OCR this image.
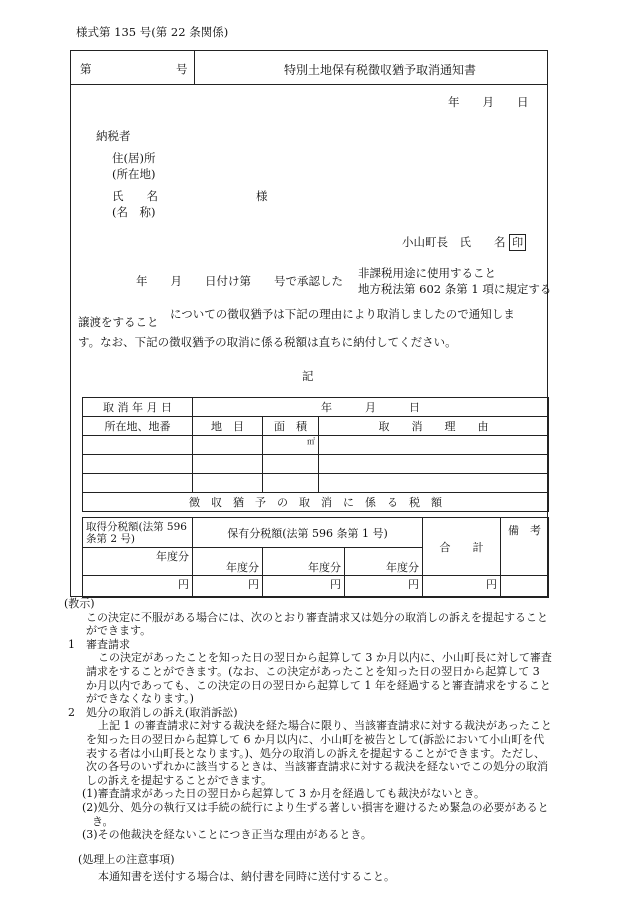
様式第 135 号(第 22 条関係)
第	号	特別土地保有税徴収猶予取消通知書
年　　月　　日
納税者
住(居)所
(所在地)
氏　　名	様
(名　称)
小山町長　氏　　名 印
年　　月　　日付け第　　号で承認した
非課税用途に使用すること
地方税法第 602 条第 1 項に規定する
譲渡をすること
についての徴収猶予は下記の理由により取消しましたので通知しま
す。なお、下記の徴収猶予の取消に係る税額は直ちに納付してください。
記
取 消 年 月 日	年　　　月　　　日		
所在地、地番	地　目	面　積	取　　消　　理　　由
		㎡	

徴　収　猶　予　の　取　消　に　係　る　税　額			
取得分税額(法第 596 条第 2 号)	保有分税額(法第 596 条第 1 号)			合　　計	備　考
年度分	年度分	年度分	年度分		
円	円	円	円	円	

(教示)

この決定に不服がある場合には、次のとおり審査請求又は処分の取消しの訴えを提起することができます。

1　審査請求

この決定があったことを知った日の翌日から起算して 3 か月以内に、小山町長に対して審査請求をすることができます。(なお、この決定があったことを知った日の翌日から起算して 3 か月以内であっても、この決定の日の翌日から起算して 1 年を経過すると審査請求をすることができなくなります。)

2　処分の取消しの訴え(取消訴訟)

上記 1 の審査請求に対する裁決を経た場合に限り、当該審査請求に対する裁決があったことを知った日の翌日から起算して 6 か月以内に、小山町を被告として(訴訟において小山町を代表する者は小山町長となります。)、処分の取消しの訴えを提起することができます。ただし、次の各号のいずれかに該当するときは、当該審査請求に対する裁決を経ないでこの処分の取消しの訴えを提起することができます。

(1)審査請求があった日の翌日から起算して 3 か月を経過しても裁決がないとき。

(2)処分、処分の執行又は手続の続行により生ずる著しい損害を避けるため緊急の必要があるとき。

(3)その他裁決を経ないことにつき正当な理由があるとき。

(処理上の注意事項)

本通知書を送付する場合は、納付書を同時に送付すること。
